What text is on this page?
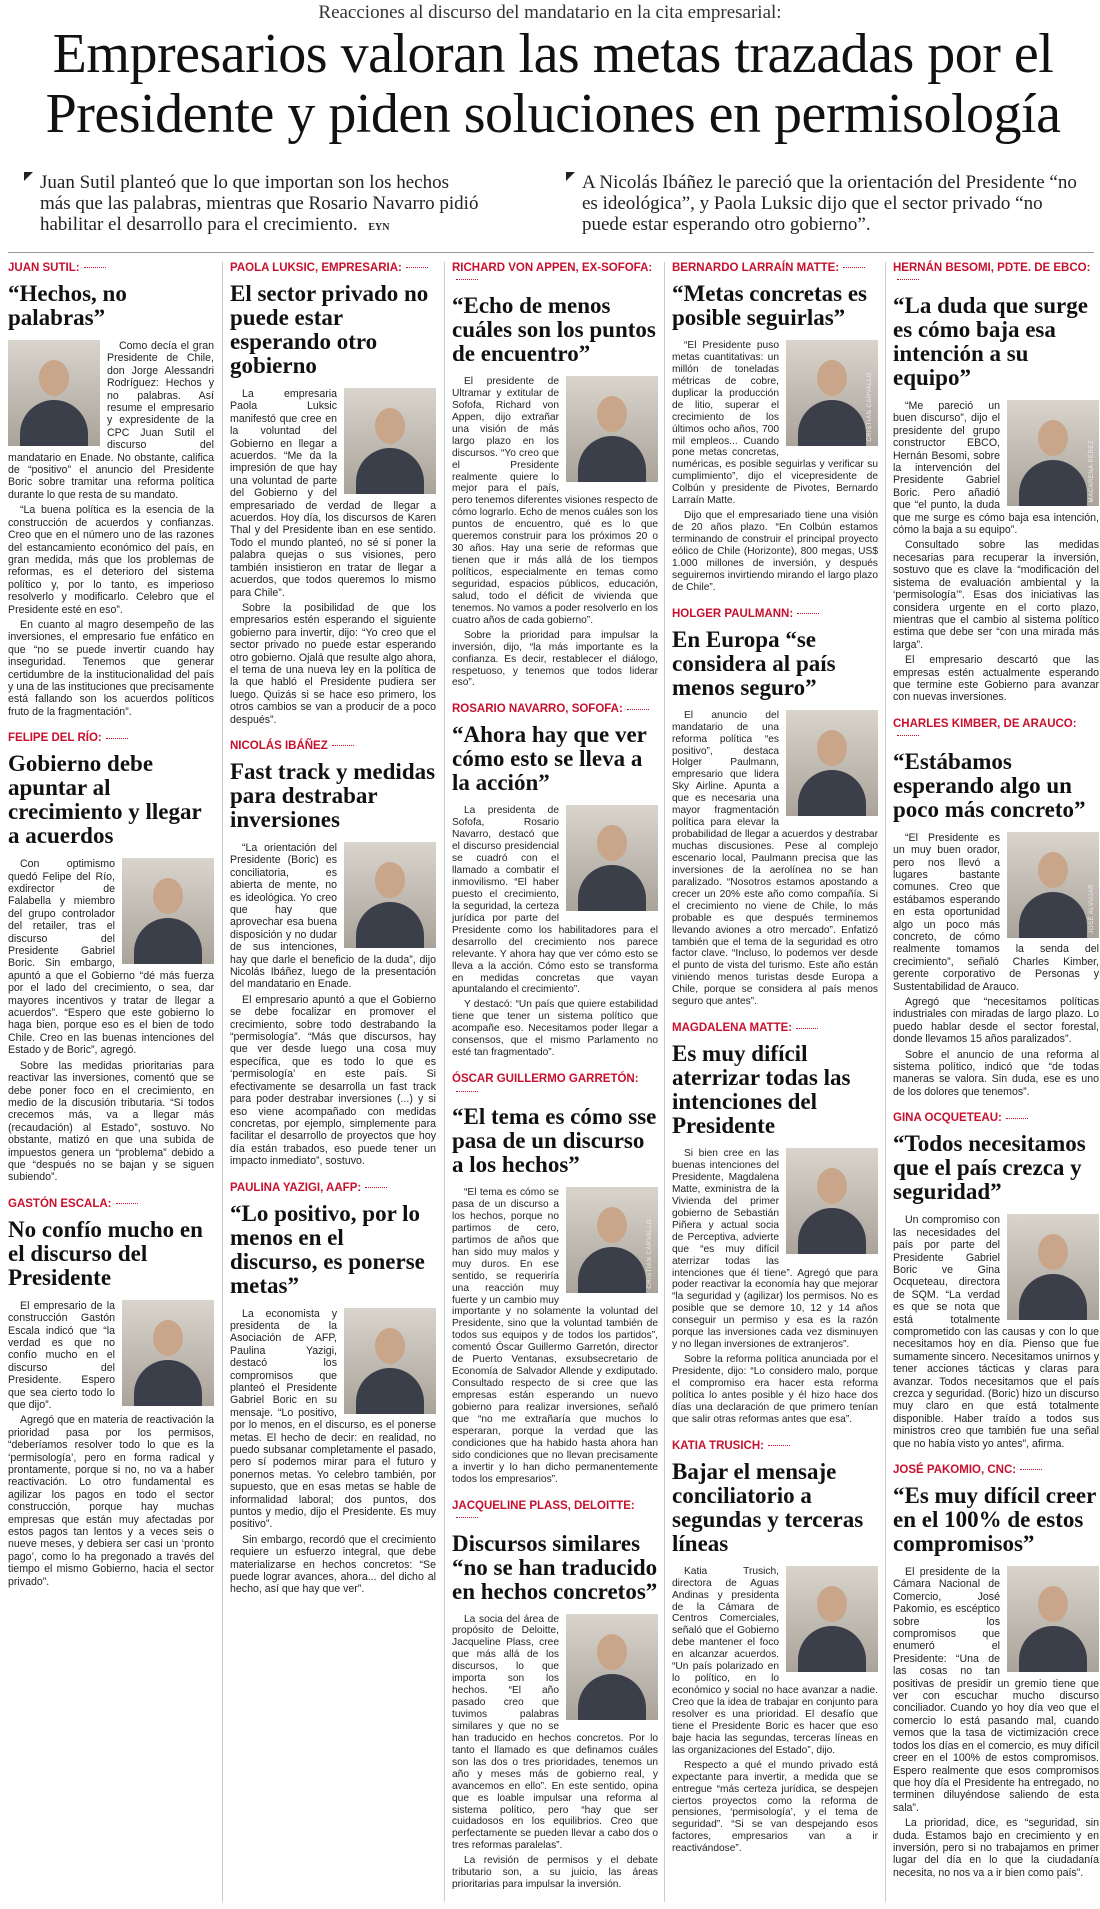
Reacciones al discurso del mandatario en la cita empresarial:
Empresarios valoran las metas trazadas por el Presidente y piden soluciones en permisología
Juan Sutil planteó que lo que importan son los hechos más que las palabras, mientras que Rosario Navarro pidió habilitar el desarrollo para el crecimiento. EYN
A Nicolás Ibáñez le pareció que la orientación del Presidente “no es ideológica”, y Paola Luksic dijo que el sector privado “no puede estar esperando otro gobierno”.
JUAN SUTIL:
“Hechos, no palabras”

Como decía el gran Presidente de Chile, don Jorge Alessandri Rodríguez: Hechos y no palabras. Así resume el empresario y expresidente de la CPC Juan Sutil el discurso del mandatario en Enade. No obstante, califica de “positivo” el anuncio del Presidente Boric sobre tramitar una reforma política durante lo que resta de su mandato.

“La buena política es la esencia de la construcción de acuerdos y confianzas. Creo que en el número uno de las razones del estancamiento económico del país, en gran medida, más que los problemas de reformas, es el deterioro del sistema político y, por lo tanto, es imperioso resolverlo y modificarlo. Celebro que el Presidente esté en eso”.

En cuanto al magro desempeño de las inversiones, el empresario fue enfático en que “no se puede invertir cuando hay inseguridad. Tenemos que generar certidumbre de la institucionalidad del país y una de las instituciones que precisamente está fallando son los acuerdos políticos fruto de la fragmentación”.

FELIPE DEL RÍO:
Gobierno debe apuntar al crecimiento y llegar a acuerdos

Con optimismo quedó Felipe del Río, exdirector de Falabella y miembro del grupo controlador del retailer, tras el discurso del Presidente Gabriel Boric. Sin embargo, apuntó a que el Gobierno “dé más fuerza por el lado del crecimiento, o sea, dar mayores incentivos y tratar de llegar a acuerdos”. “Espero que este gobierno lo haga bien, porque eso es el bien de todo Chile. Creo en las buenas intenciones del Estado y de Boric”, agregó.

Sobre las medidas prioritarias para reactivar las inversiones, comentó que se debe poner foco en el crecimiento, en medio de la discusión tributaria. “Si todos crecemos más, va a llegar más (recaudación) al Estado”, sostuvo. No obstante, matizó en que una subida de impuestos genera un “problema” debido a que “después no se bajan y se siguen subiendo”.

GASTÓN ESCALA:
No confío mucho en el discurso del Presidente

El empresario de la construcción Gastón Escala indicó que “la verdad es que no confío mucho en el discurso del Presidente. Espero que sea cierto todo lo que dijo”.

Agregó que en materia de reactivación la prioridad pasa por los permisos, “deberíamos resolver todo lo que es la ‘permisología’, pero en forma radical y prontamente, porque si no, no va a haber reactivación. Lo otro fundamental es agilizar los pagos en todo el sector construcción, porque hay muchas empresas que están muy afectadas por estos pagos tan lentos y a veces seis o nueve meses, y debiera ser casi un ‘pronto pago’, como lo ha pregonado a través del tiempo el mismo Gobierno, hacia el sector privado”.

PAOLA LUKSIC, EMPRESARIA:
El sector privado no puede estar esperando otro gobierno

La empresaria Paola Luksic manifestó que cree en la voluntad del Gobierno en llegar a acuerdos. “Me da la impresión de que hay una voluntad de parte del Gobierno y del empresariado de verdad de llegar a acuerdos. Hoy día, los discursos de Karen Thal y del Presidente iban en ese sentido. Todo el mundo planteó, no sé si poner la palabra quejas o sus visiones, pero también insistieron en tratar de llegar a acuerdos, que todos queremos lo mismo para Chile”.

Sobre la posibilidad de que los empresarios estén esperando el siguiente gobierno para invertir, dijo: “Yo creo que el sector privado no puede estar esperando otro gobierno. Ojalá que resulte algo ahora, el tema de una nueva ley en la política de la que habló el Presidente pudiera ser luego. Quizás si se hace eso primero, los otros cambios se van a producir de a poco después”.

NICOLÁS IBÁÑEZ
Fast track y medidas para destrabar inversiones

“La orientación del Presidente (Boric) es conciliatoria, es abierta de mente, no es ideológica. Yo creo que hay que aprovechar esa buena disposición y no dudar de sus intenciones, hay que darle el beneficio de la duda”, dijo Nicolás Ibáñez, luego de la presentación del mandatario en Enade.

El empresario apuntó a que el Gobierno se debe focalizar en promover el crecimiento, sobre todo destrabando la “permisología”. “Más que discursos, hay que ver desde luego una cosa muy específica, que es todo lo que es ‘permisología’ en este país. Si efectivamente se desarrolla un fast track para poder destrabar inversiones (...) y si eso viene acompañado con medidas concretas, por ejemplo, simplemente para facilitar el desarrollo de proyectos que hoy día están trabados, eso puede tener un impacto inmediato”, sostuvo.

PAULINA YAZIGI, AAFP:
“Lo positivo, por lo menos en el discurso, es ponerse metas”

La economista y presidenta de la Asociación de AFP, Paulina Yazigi, destacó los compromisos que planteó el Presidente Gabriel Boric en su mensaje. “Lo positivo, por lo menos, en el discurso, es el ponerse metas. El hecho de decir: en realidad, no puedo subsanar completamente el pasado, pero sí podemos mirar para el futuro y ponernos metas. Yo celebro también, por supuesto, que en esas metas se hable de informalidad laboral; dos puntos, dos puntos y medio, dijo el Presidente. Es muy positivo”.

Sin embargo, recordó que el crecimiento requiere un esfuerzo integral, que debe materializarse en hechos concretos: “Se puede lograr avances, ahora... del dicho al hecho, así que hay que ver”.

RICHARD VON APPEN, EX-SOFOFA:
“Echo de menos cuáles son los puntos de encuentro”

El presidente de Ultramar y extitular de Sofofa, Richard von Appen, dijo extrañar una visión de más largo plazo en los discursos. “Yo creo que el Presidente realmente quiere lo mejor para el país, pero tenemos diferentes visiones respecto de cómo lograrlo. Echo de menos cuáles son los puntos de encuentro, qué es lo que queremos construir para los próximos 20 o 30 años. Hay una serie de reformas que tienen que ir más allá de los tiempos políticos, especialmente en temas como seguridad, espacios públicos, educación, salud, todo el déficit de vivienda que tenemos. No vamos a poder resolverlo en los cuatro años de cada gobierno”.

Sobre la prioridad para impulsar la inversión, dijo, “la más importante es la confianza. Es decir, restablecer el diálogo, respetuoso, y tenemos que todos liderar eso”.

ROSARIO NAVARRO, SOFOFA:
“Ahora hay que ver cómo esto se lleva a la acción”

La presidenta de Sofofa, Rosario Navarro, destacó que el discurso presidencial se cuadró con el llamado a combatir el inmovilismo. “El haber puesto el crecimiento, la seguridad, la certeza jurídica por parte del Presidente como los habilitadores para el desarrollo del crecimiento nos parece relevante. Y ahora hay que ver cómo esto se lleva a la acción. Cómo esto se transforma en medidas concretas que vayan apuntalando el crecimiento”.

Y destacó: “Un país que quiere estabilidad tiene que tener un sistema político que acompañe eso. Necesitamos poder llegar a consensos, que el mismo Parlamento no esté tan fragmentado”.

ÓSCAR GUILLERMO GARRETÓN:
“El tema es cómo sse pasa de un discurso a los hechos”
CRISTIAN CARVALLO

“El tema es cómo se pasa de un discurso a los hechos, porque no partimos de cero, partimos de años que han sido muy malos y muy duros. En ese sentido, se requeriría una reacción muy fuerte y un cambio muy importante y no solamente la voluntad del Presidente, sino que la voluntad también de todos sus equipos y de todos los partidos”, comentó Óscar Guillermo Garretón, director de Puerto Ventanas, exsubsecretario de Economía de Salvador Allende y exdiputado. Consultado respecto de si cree que las empresas están esperando un nuevo gobierno para realizar inversiones, señaló que “no me extrañaría que muchos lo esperaran, porque la verdad que las condiciones que ha habido hasta ahora han sido condiciones que no llevan precisamente a invertir y lo han dicho permanentemente todos los empresarios”.

JACQUELINE PLASS, DELOITTE:
Discursos similares “no se han traducido en hechos concretos”

La socia del área de propósito de Deloitte, Jacqueline Plass, cree que más allá de los discursos, lo que importa son los hechos. “El año pasado creo que tuvimos palabras similares y que no se han traducido en hechos concretos. Por lo tanto el llamado es que definamos cuáles son las dos o tres prioridades, tenemos un año y meses más de gobierno real, y avancemos en ello”. En este sentido, opina que es loable impulsar una reforma al sistema político, pero “hay que ser cuidadosos en los equilibrios. Creo que perfectamente se pueden llevar a cabo dos o tres reformas paralelas”.

La revisión de permisos y el debate tributario son, a su juicio, las áreas prioritarias para impulsar la inversión.

BERNARDO LARRAÍN MATTE:
“Metas concretas es posible seguirlas”
CRISTIAN CARVALLO

“El Presidente puso metas cuantitativas: un millón de toneladas métricas de cobre, duplicar la producción de litio, superar el crecimiento de los últimos ocho años, 700 mil empleos... Cuando pone metas concretas, numéricas, es posible seguirlas y verificar su cumplimiento”, dijo el vicepresidente de Colbún y presidente de Pivotes, Bernardo Larraín Matte.

Dijo que el empresariado tiene una visión de 20 años plazo. “En Colbún estamos terminando de construir el principal proyecto eólico de Chile (Horizonte), 800 megas, US$ 1.000 millones de inversión, y después seguiremos invirtiendo mirando el largo plazo de Chile”.

HOLGER PAULMANN:
En Europa “se considera al país menos seguro”

El anuncio del mandatario de una reforma política “es positivo”, destaca Holger Paulmann, empresario que lidera Sky Airline. Apunta a que es necesaria una mayor fragmentación política para elevar la probabilidad de llegar a acuerdos y destrabar muchas discusiones. Pese al complejo escenario local, Paulmann precisa que las inversiones de la aerolínea no se han paralizado. “Nosotros estamos apostando a crecer un 20% este año como compañía. Si el crecimiento no viene de Chile, lo más probable es que después terminemos llevando aviones a otro mercado”. Enfatizó también que el tema de la seguridad es otro factor clave. “Incluso, lo podemos ver desde el punto de vista del turismo. Este año están viniendo menos turistas desde Europa a Chile, porque se considera al país menos seguro que antes”.

MAGDALENA MATTE:
Es muy difícil aterrizar todas las intenciones del Presidente

Si bien cree en las buenas intenciones del Presidente, Magdalena Matte, exministra de la Vivienda del primer gobierno de Sebastián Piñera y actual socia de Perceptiva, advierte que “es muy difícil aterrizar todas las intenciones que él tiene”. Agregó que para poder reactivar la economía hay que mejorar “la seguridad y (agilizar) los permisos. No es posible que se demore 10, 12 y 14 años conseguir un permiso y esa es la razón porque las inversiones cada vez disminuyen y no llegan inversiones de extranjeros”.

Sobre la reforma política anunciada por el Presidente, dijo: “Lo considero malo, porque el compromiso era hacer esta reforma política lo antes posible y él hizo hace dos días una declaración de que primero tenían que salir otras reformas antes que esa”.

KATIA TRUSICH:
Bajar el mensaje conciliatorio a segundas y terceras líneas

Katia Trusich, directora de Aguas Andinas y presidenta de la Cámara de Centros Comerciales, señaló que el Gobierno debe mantener el foco en alcanzar acuerdos. “Un país polarizado en lo político, en lo económico y social no hace avanzar a nadie. Creo que la idea de trabajar en conjunto para resolver es una prioridad. El desafío que tiene el Presidente Boric es hacer que eso baje hacia las segundas, terceras líneas en las organizaciones del Estado”, dijo.

Respecto a qué el mundo privado está expectante para invertir, a medida que se entregue “más certeza jurídica, se despejen ciertos proyectos como la reforma de pensiones, ‘permisología’, y el tema de seguridad”. “Si se van despejando esos factores, empresarios van a ir reactivándose”.

HERNÁN BESOMI, PDTE. DE EBCO:
“La duda que surge es cómo baja esa intención a su equipo”
MACARENA PÉREZ

“Me pareció un buen discurso”, dijo el presidente del grupo constructor EBCO, Hernán Besomi, sobre la intervención del Presidente Gabriel Boric. Pero añadió que “el punto, la duda que me surge es cómo baja esa intención, cómo la baja a su equipo”.

Consultado sobre las medidas necesarias para recuperar la inversión, sostuvo que es clave la “modificación del sistema de evaluación ambiental y la ‘permisología’”. Esas dos iniciativas las considera urgente en el corto plazo, mientras que el cambio al sistema político estima que debe ser “con una mirada más larga”.

El empresario descartó que las empresas estén actualmente esperando que termine este Gobierno para avanzar con nuevas inversiones.

CHARLES KIMBER, DE ARAUCO:
“Estábamos esperando algo un poco más concreto”
JOSÉ ALVUJAR

“El Presidente es un muy buen orador, pero nos llevó a lugares bastante comunes. Creo que estábamos esperando en esta oportunidad algo un poco más concreto, de cómo realmente tomamos la senda del crecimiento”, señaló Charles Kimber, gerente corporativo de Personas y Sustentabilidad de Arauco.

Agregó que “necesitamos políticas industriales con miradas de largo plazo. Lo puedo hablar desde el sector forestal, donde llevamos 15 años paralizados”.

Sobre el anuncio de una reforma al sistema político, indicó que “de todas maneras se valora. Sin duda, ese es uno de los dolores que tenemos”.

GINA OCQUETEAU:
“Todos necesitamos que el país crezca y seguridad”

Un compromiso con las necesidades del país por parte del Presidente Gabriel Boric ve Gina Ocqueteau, directora de SQM. “La verdad es que se nota que está totalmente comprometido con las causas y con lo que necesitamos hoy en día. Pienso que fue sumamente sincero. Necesitamos unirnos y tener acciones tácticas y claras para avanzar. Todos necesitamos que el país crezca y seguridad. (Boric) hizo un discurso muy claro en que está totalmente disponible. Haber traído a todos sus ministros creo que también fue una señal que no había visto yo antes”, afirma.

JOSÉ PAKOMIO, CNC:
“Es muy difícil creer en el 100% de estos compromisos”

El presidente de la Cámara Nacional de Comercio, José Pakomio, es escéptico sobre los compromisos que enumeró el Presidente: “Una de las cosas no tan positivas de presidir un gremio tiene que ver con escuchar mucho discurso conciliador. Cuando yo hoy día veo que el comercio lo está pasando mal, cuando vemos que la tasa de victimización crece todos los días en el comercio, es muy difícil creer en el 100% de estos compromisos. Espero realmente que esos compromisos que hoy día el Presidente ha entregado, no terminen diluyéndose saliendo de esta sala”.

La prioridad, dice, es “seguridad, sin duda. Estamos bajo en crecimiento y en inversión, pero si no trabajamos en primer lugar del día en lo que la ciudadanía necesita, no nos va a ir bien como país”.
